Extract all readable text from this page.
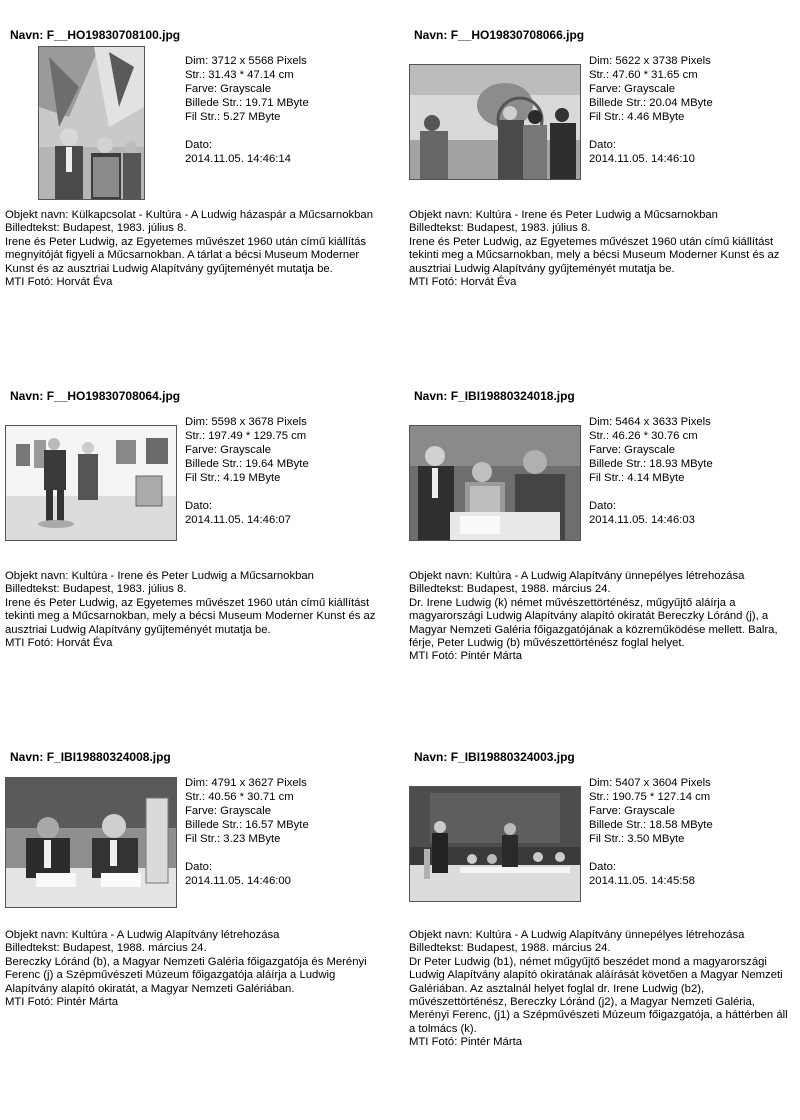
Navn: F__HO19830708100.jpg
Dim: 3712 x 5568 Pixels
Str.: 31.43 * 47.14 cm
Farve: Grayscale
Billede Str.: 19.71 MByte
Fil Str.: 5.27 MByte
Dato:
2014.11.05. 14:46:14
Objekt navn: Külkapcsolat - Kultúra - A Ludwig házaspár a Műcsarnokban
Billedtekst: Budapest, 1983. július 8.
Irene és Peter Ludwig, az Egyetemes művészet 1960 után című kiállítás megnyitóját figyeli a Műcsarnokban. A tárlat a bécsi Museum Moderner Kunst és az ausztriai Ludwig Alapítvány gyűjteményét mutatja be.
MTI Fotó: Horvát Éva
Navn: F__HO19830708066.jpg
Dim: 5622 x 3738 Pixels
Str.: 47.60 * 31.65 cm
Farve: Grayscale
Billede Str.: 20.04 MByte
Fil Str.: 4.46 MByte
Dato:
2014.11.05. 14:46:10
Objekt navn: Kultúra - Irene és Peter Ludwig a Műcsarnokban
Billedtekst: Budapest, 1983. július 8.
Irene és Peter Ludwig, az Egyetemes művészet 1960 után című kiállítást tekinti meg a Műcsarnokban, mely a bécsi Museum Moderner Kunst és az ausztriai Ludwig Alapítvány gyűjteményét mutatja be.
MTI Fotó: Horvát Éva
Navn: F__HO19830708064.jpg
Dim: 5598 x 3678 Pixels
Str.: 197.49 * 129.75 cm
Farve: Grayscale
Billede Str.: 19.64 MByte
Fil Str.: 4.19 MByte
Dato:
2014.11.05. 14:46:07
Objekt navn: Kultúra - Irene és Peter Ludwig a Műcsarnokban
Billedtekst: Budapest, 1983. július 8.
Irene és Peter Ludwig, az Egyetemes művészet 1960 után című kiállítást tekinti meg a Műcsarnokban, mely a bécsi Museum Moderner Kunst és az ausztriai Ludwig Alapítvány gyűjteményét mutatja be.
MTI Fotó: Horvát Éva
Navn: F_IBI19880324018.jpg
Dim: 5464 x 3633 Pixels
Str.: 46.26 * 30.76 cm
Farve: Grayscale
Billede Str.: 18.93 MByte
Fil Str.: 4.14 MByte
Dato:
2014.11.05. 14:46:03
Objekt navn: Kultúra - A Ludwig Alapítvány ünnepélyes létrehozása
Billedtekst: Budapest, 1988. március 24.
Dr. Irene Ludwig (k) német művészettörténész, műgyűjtő aláírja a magyarországi Ludwig Alapítvány alapító okiratát Bereczky Lóránd (j), a Magyar Nemzeti Galéria főigazgatójának a közreműködése mellett. Balra, férje, Peter Ludwig (b) művészettörténész foglal helyet.
MTI Fotó: Pintér Márta
Navn: F_IBI19880324008.jpg
Dim: 4791 x 3627 Pixels
Str.: 40.56 * 30.71 cm
Farve: Grayscale
Billede Str.: 16.57 MByte
Fil Str.: 3.23 MByte
Dato:
2014.11.05. 14:46:00
Objekt navn: Kultúra - A Ludwig Alapítvány létrehozása
Billedtekst: Budapest, 1988. március 24.
Bereczky Lóránd (b), a Magyar Nemzeti Galéria főigazgatója és Merényi Ferenc (j) a Szépművészeti Múzeum főigazgatója aláírja a Ludwig Alapítvány alapító okiratát, a Magyar Nemzeti Galériában.
MTI Fotó: Pintér Márta
Navn: F_IBI19880324003.jpg
Dim: 5407 x 3604 Pixels
Str.: 190.75 * 127.14 cm
Farve: Grayscale
Billede Str.: 18.58 MByte
Fil Str.: 3.50 MByte
Dato:
2014.11.05. 14:45:58
Objekt navn: Kultúra - A Ludwig Alapítvány ünnepélyes létrehozása
Billedtekst: Budapest, 1988. március 24.
Dr Peter Ludwig (b1), német műgyűjtő beszédet mond a magyarországi Ludwig Alapítvány alapító okiratának aláírását követően a Magyar Nemzeti Galériában. Az asztalnál helyet foglal dr. Irene Ludwig (b2), művészettörténész, Bereczky Lóránd (j2), a Magyar Nemzeti Galéria, Merényi Ferenc, (j1) a Szépművészeti Múzeum főigazgatója, a háttérben áll a tolmács (k).
MTI Fotó: Pintér Márta
